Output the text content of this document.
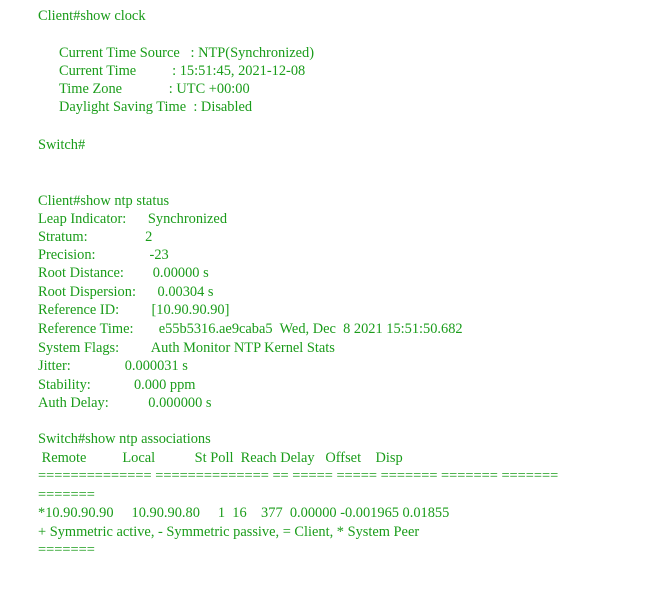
Client#show clock
Current Time Source   : NTP(Synchronized)
Current Time          : 15:51:45, 2021-12-08
Time Zone             : UTC +00:00
Daylight Saving Time  : Disabled
Switch#
Client#show ntp status
Leap Indicator:      Synchronized
Stratum:                2
Precision:               -23
Root Distance:        0.00000 s
Root Dispersion:      0.00304 s
Reference ID:         [10.90.90.90]
Reference Time:       e55b5316.ae9caba5  Wed, Dec  8 2021 15:51:50.682
System Flags:         Auth Monitor NTP Kernel Stats
Jitter:               0.000031 s
Stability:            0.000 ppm
Auth Delay:           0.000000 s
Switch#show ntp associations
Remote          Local           St Poll  Reach Delay   Offset    Disp
============== ============== == ===== ===== ======= ======= =======
=======
*10.90.90.90     10.90.90.80     1  16    377  0.00000 -0.001965 0.01855
+ Symmetric active, - Symmetric passive, = Client, * System Peer
=======
